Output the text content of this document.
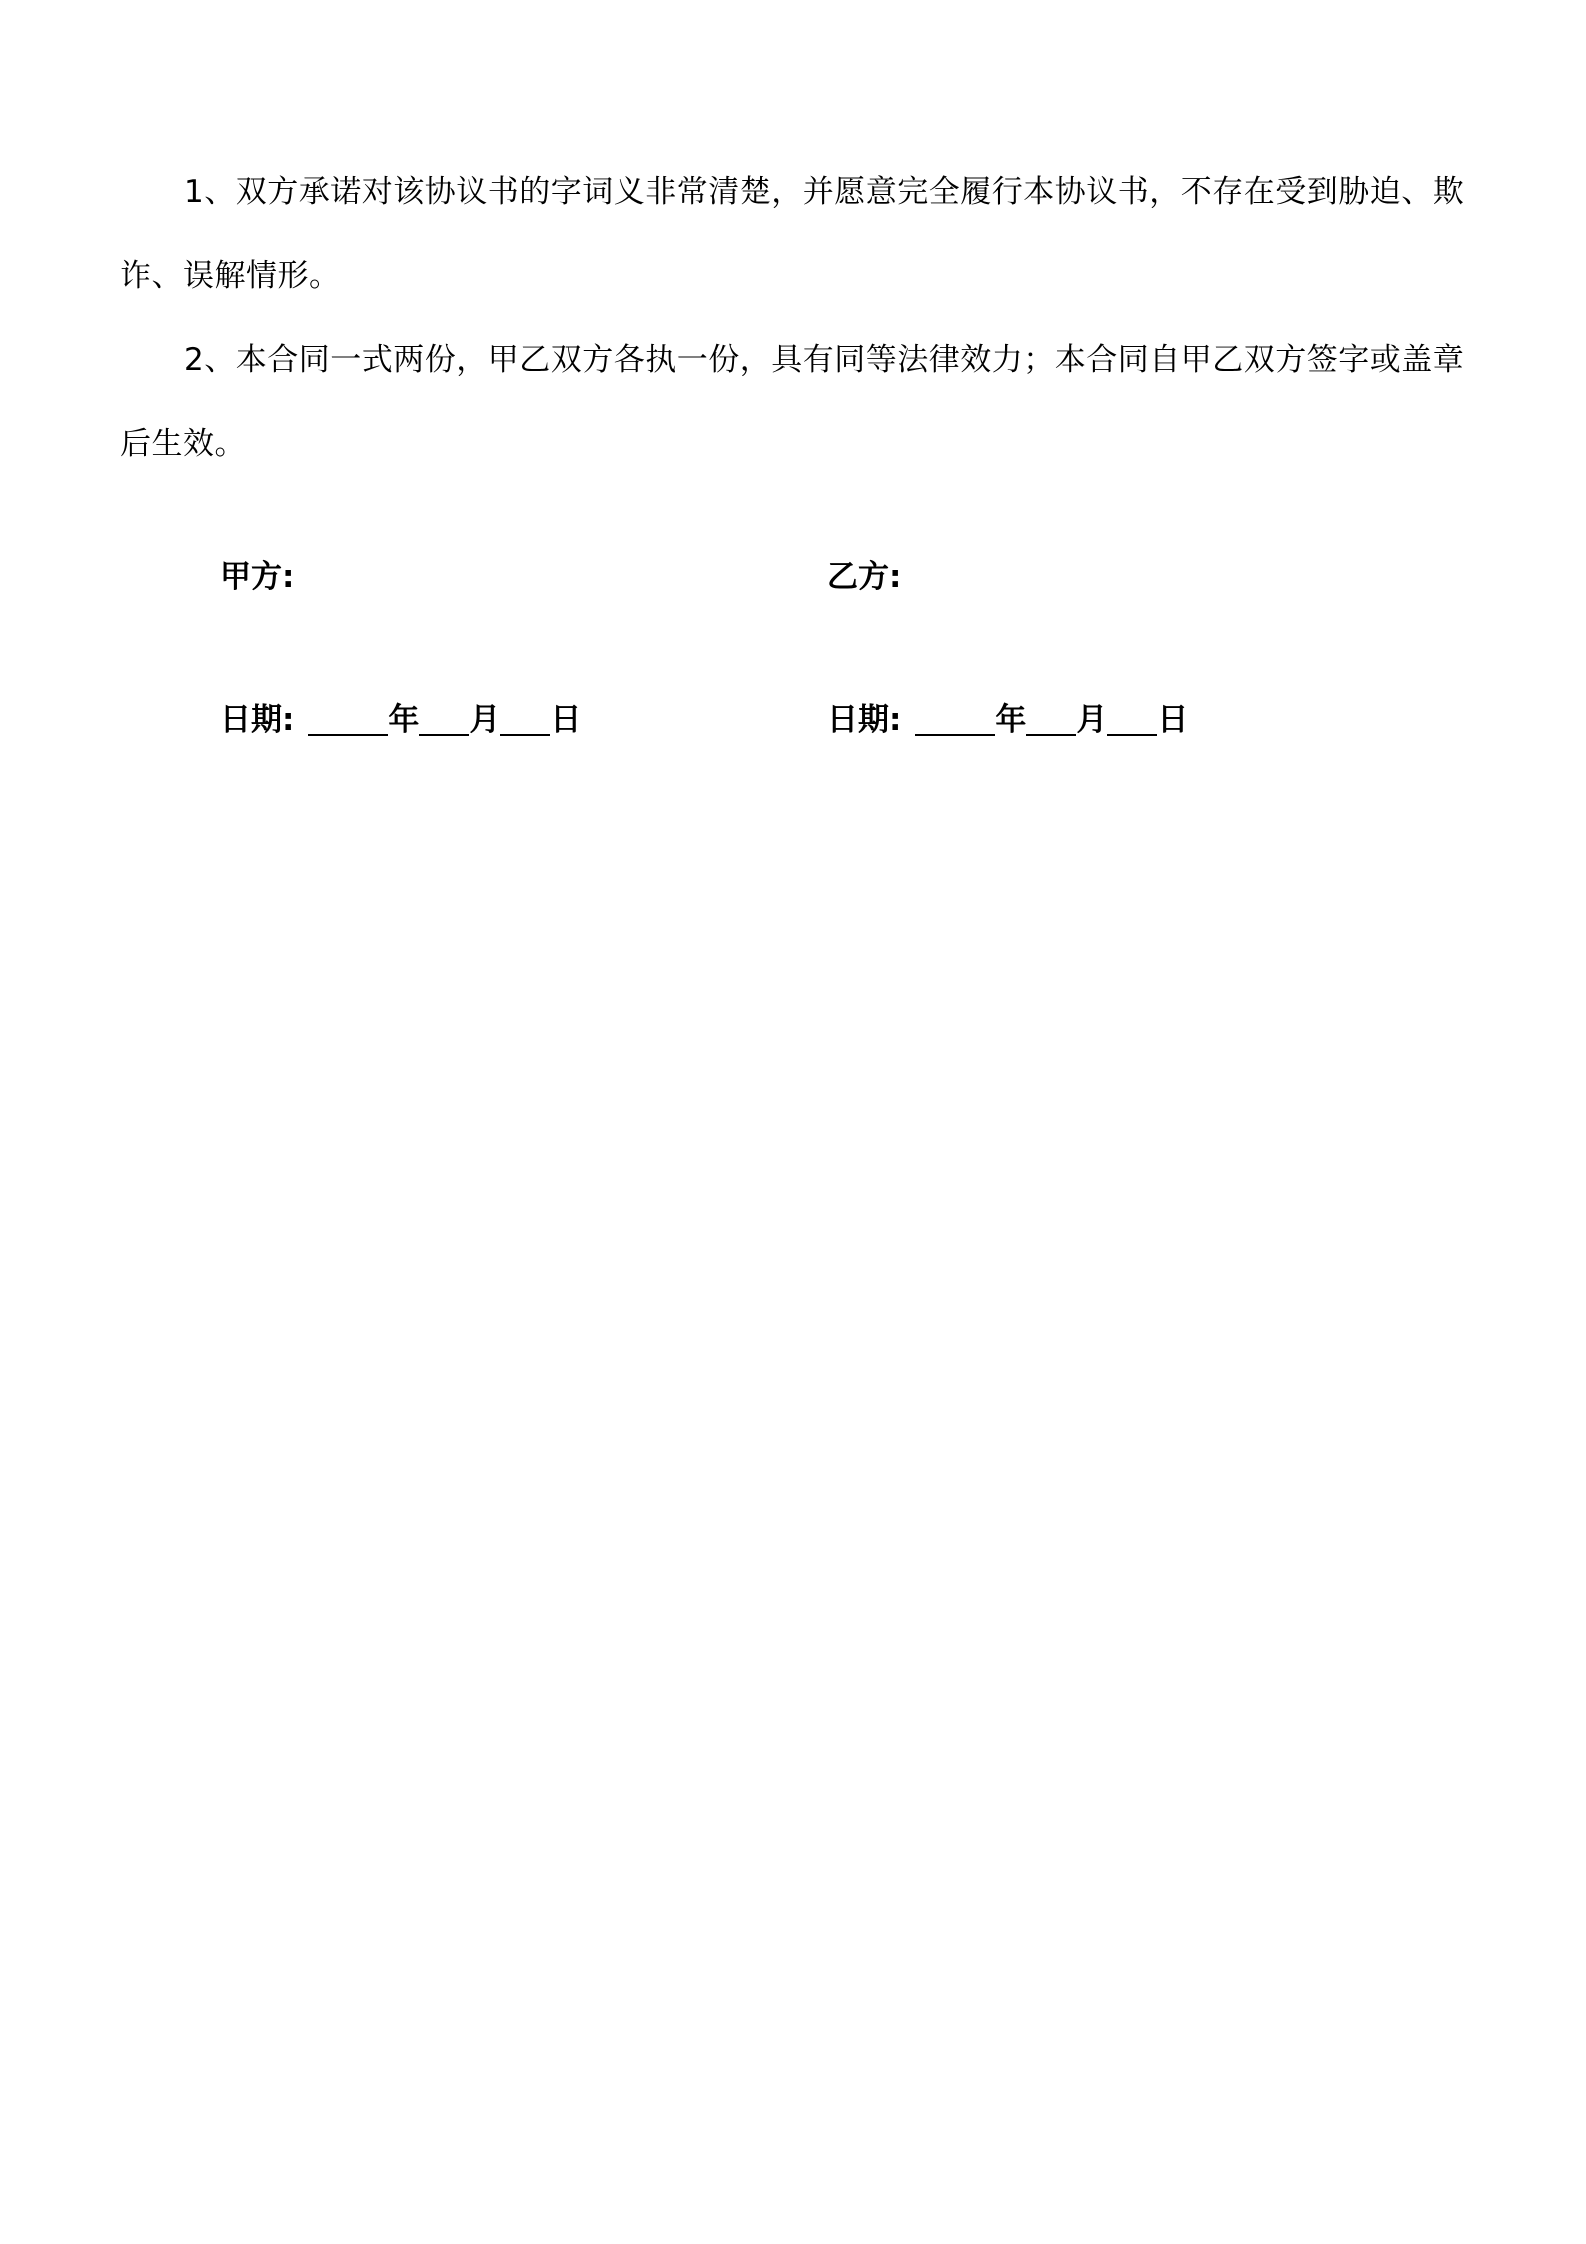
1、双方承诺对该协议书的字词义非常清楚，并愿意完全履行本协议书，不存在受到胁迫、欺诈、误解情形。

2、本合同一式两份，甲乙双方各执一份，具有同等法律效力；本合同自甲乙双方签字或盖章后生效。

甲方:
日期:	年 月 日
乙方:
日期:	年 月 日
